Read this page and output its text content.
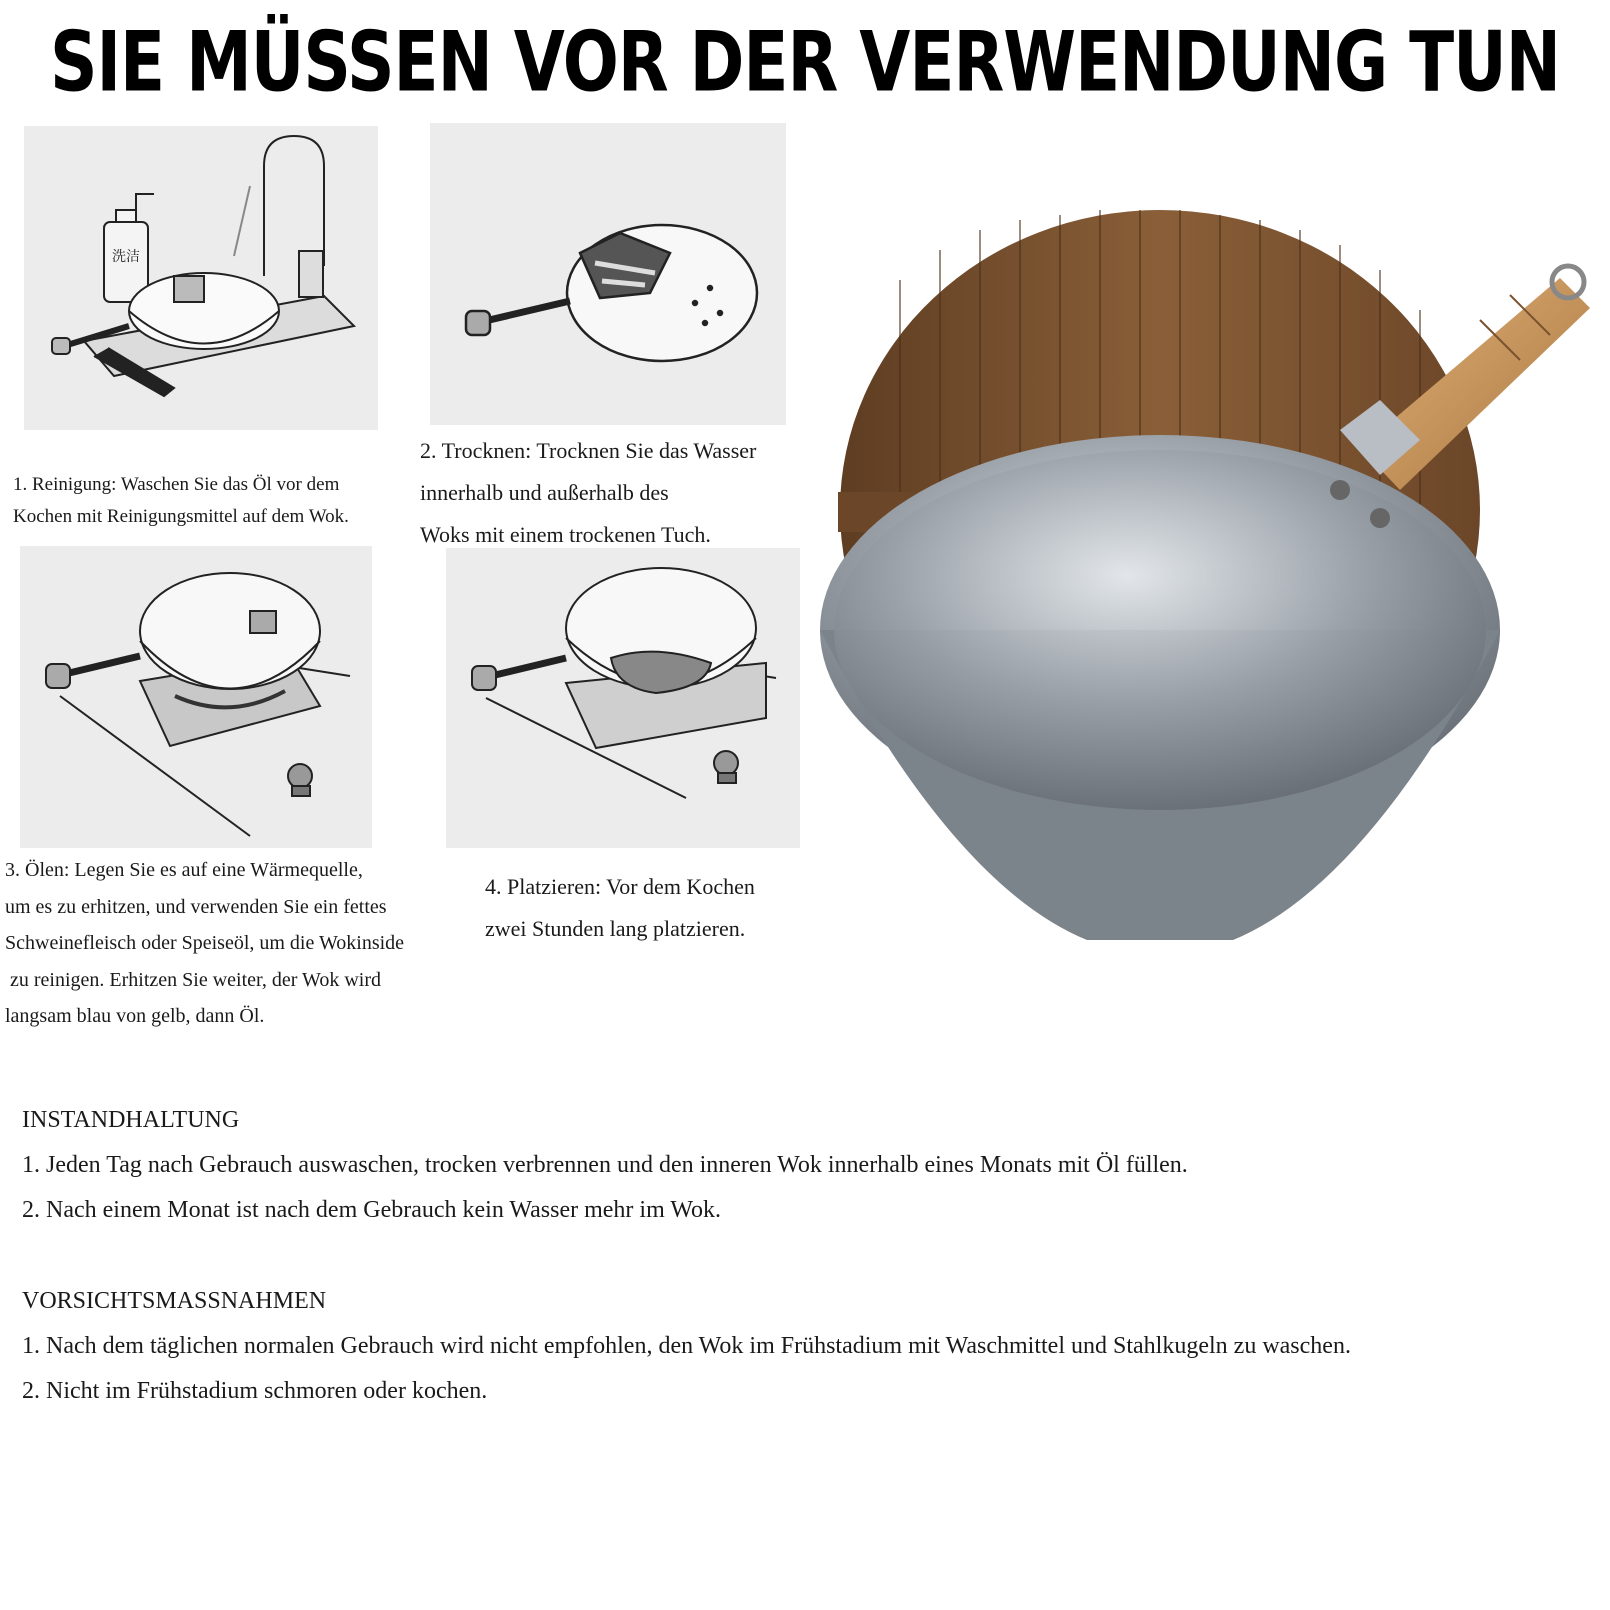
SIE MÜSSEN VOR DER VERWENDUNG TUN
洗洁

1. Reinigung: Waschen Sie das Öl vor dem
Kochen mit Reinigungsmittel auf dem Wok.

2. Trocknen: Trocknen Sie das Wasser
innerhalb und außerhalb des
Woks mit einem trockenen Tuch.

3. Ölen: Legen Sie es auf eine Wärmequelle,
um es zu erhitzen, und verwenden Sie ein fettes
Schweinefleisch oder Speiseöl, um die Wokinside
zu reinigen. Erhitzen Sie weiter, der Wok wird
langsam blau von gelb, dann Öl.

4. Platzieren: Vor dem Kochen
zwei Stunden lang platzieren.

INSTANDHALTUNG

1. Jeden Tag nach Gebrauch auswaschen, trocken verbrennen und den inneren Wok innerhalb eines Monats mit Öl füllen.

2. Nach einem Monat ist nach dem Gebrauch kein Wasser mehr im Wok.

VORSICHTSMASSNAHMEN

1. Nach dem täglichen normalen Gebrauch wird nicht empfohlen, den Wok im Frühstadium mit Waschmittel und Stahlkugeln zu waschen.

2. Nicht im Frühstadium schmoren oder kochen.
